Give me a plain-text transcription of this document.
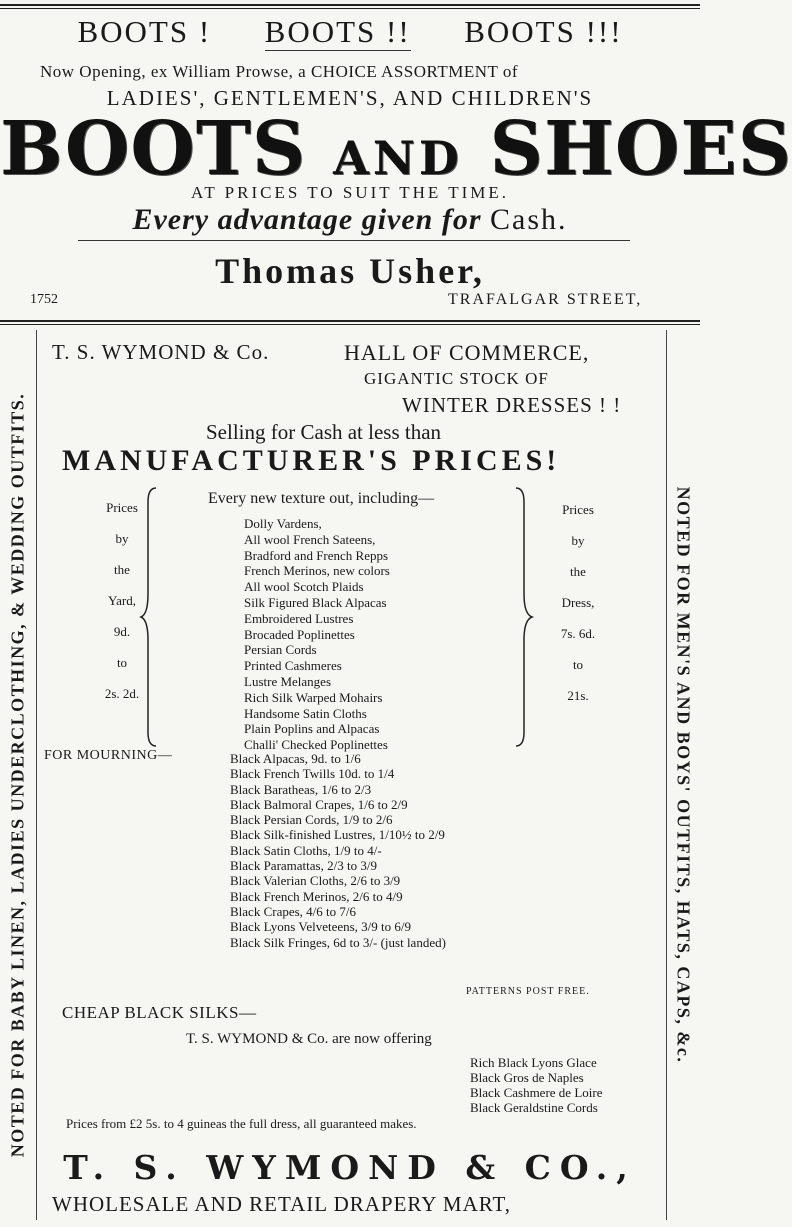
BOOTS ! BOOTS !! BOOTS !!!
Now Opening, ex William Prowse, a CHOICE ASSORTMENT of
LADIES', GENTLEMEN'S, AND CHILDREN'S
BOOTS AND SHOES
AT PRICES TO SUIT THE TIME.
Every advantage given for Cash.
Thomas Usher,
1752	TRAFALGAR STREET,
NOTED FOR BABY LINEN, LADIES UNDERCLOTHING, & WEDDING OUTFITS.	NOTED FOR MEN'S AND BOYS' OUTFITS, HATS, CAPS, &c.
T. S. WYMOND & Co.	HALL OF COMMERCE,
GIGANTIC STOCK OF
WINTER DRESSES ! !
Selling for Cash at less than
MANUFACTURER'S PRICES!
Every new texture out, including—
Prices
by
the
Yard,
9d.
to
2s. 2d.
Dolly Vardens,
All wool French Sateens,
Bradford and French Repps
French Merinos, new colors
All wool Scotch Plaids
Silk Figured Black Alpacas
Embroidered Lustres
Brocaded Poplinettes
Persian Cords
Printed Cashmeres
Lustre Melanges
Rich Silk Warped Mohairs
Handsome Satin Cloths
Plain Poplins and Alpacas
Challi' Checked Poplinettes
Prices
by
the
Dress,
7s. 6d.
to
21s.
FOR MOURNING—	Black Alpacas, 9d. to 1/6
Black French Twills 10d. to 1/4
Black Baratheas, 1/6 to 2/3
Black Balmoral Crapes, 1/6 to 2/9
Black Persian Cords, 1/9 to 2/6
Black Silk-finished Lustres, 1/10½ to 2/9
Black Satin Cloths, 1/9 to 4/-
Black Paramattas, 2/3 to 3/9
Black Valerian Cloths, 2/6 to 3/9
Black French Merinos, 2/6 to 4/9
Black Crapes, 4/6 to 7/6
Black Lyons Velveteens, 3/9 to 6/9
Black Silk Fringes, 6d to 3/- (just landed)
PATTERNS POST FREE.
CHEAP BLACK SILKS—
T. S. WYMOND & Co. are now offering
Rich Black Lyons Glace
Black Gros de Naples
Black Cashmere de Loire
Black Geraldstine Cords
Prices from £2 5s. to 4 guineas the full dress, all guaranteed makes.
T. S. WYMOND & CO.,
WHOLESALE AND RETAIL DRAPERY MART,
